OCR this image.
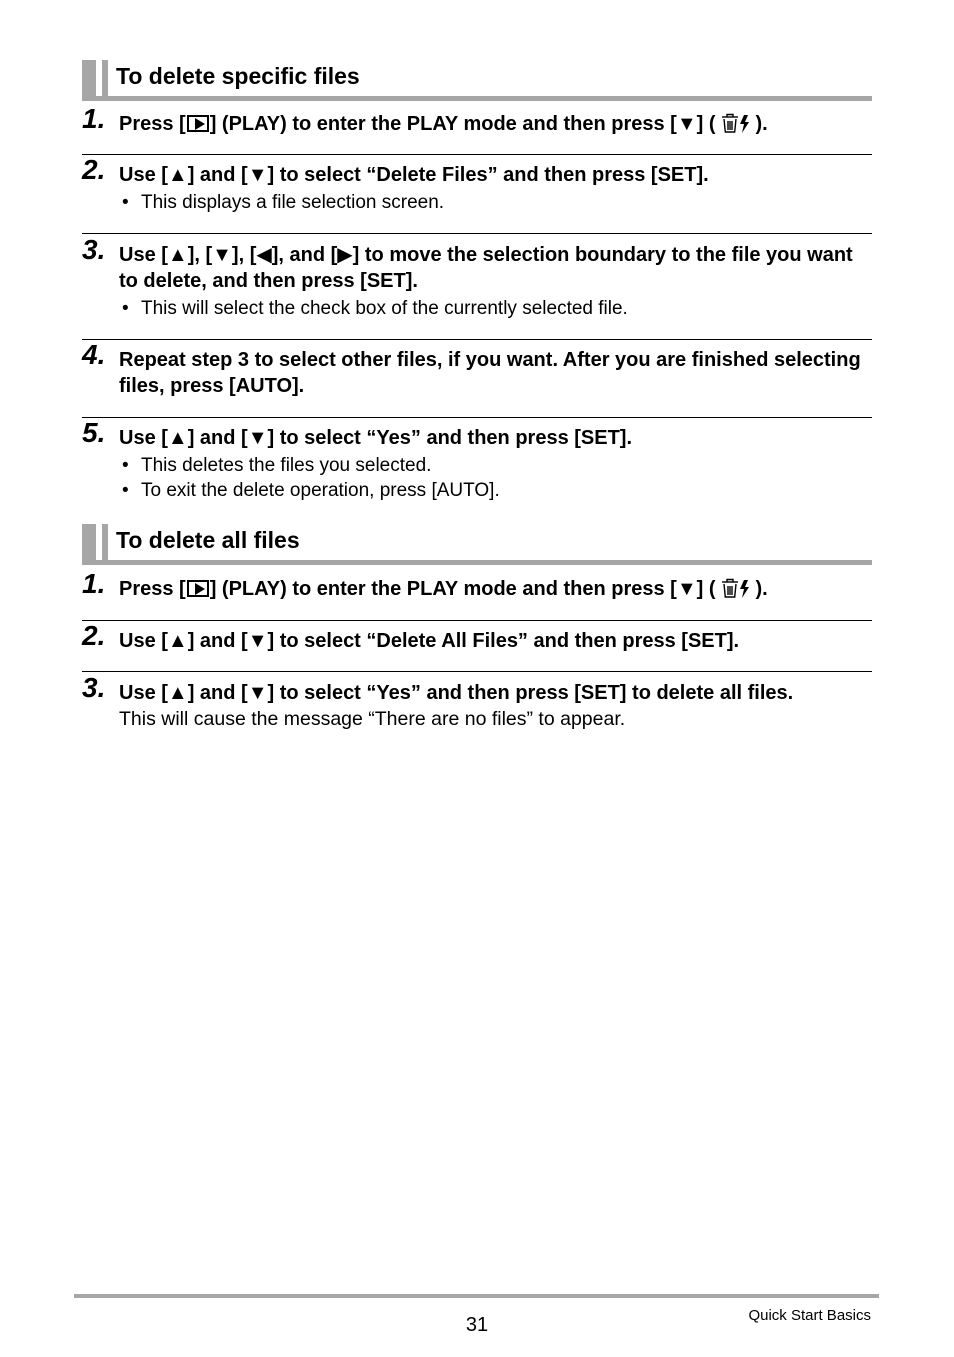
To delete specific files
1. Press [ ] (PLAY) to enter the PLAY mode and then press [▼] ( ).
2. Use [▲] and [▼] to select “Delete Files” and then press [SET].
• This displays a file selection screen.
3. Use [▲], [▼], [◀], and [▶] to move the selection boundary to the file you want to delete, and then press [SET].
• This will select the check box of the currently selected file.
4. Repeat step 3 to select other files, if you want. After you are finished selecting files, press [AUTO].
5. Use [▲] and [▼] to select “Yes” and then press [SET].
• This deletes the files you selected.
• To exit the delete operation, press [AUTO].
To delete all files
1. Press [ ] (PLAY) to enter the PLAY mode and then press [▼] ( ).
2. Use [▲] and [▼] to select “Delete All Files” and then press [SET].
3. Use [▲] and [▼] to select “Yes” and then press [SET] to delete all files.
This will cause the message “There are no files” to appear.
31	Quick Start Basics
